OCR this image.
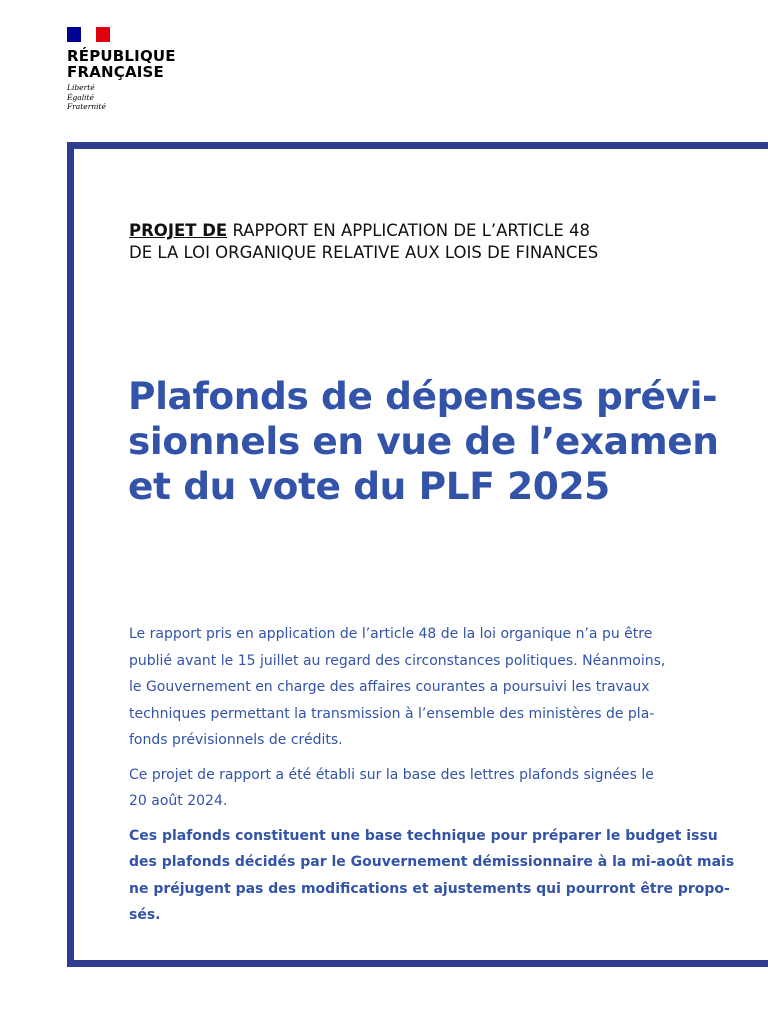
RÉPUBLIQUE
FRANÇAISE
Liberté
Égalité
Fraternité
PROJET DE RAPPORT EN APPLICATION DE L’ARTICLE 48
DE LA LOI ORGANIQUE RELATIVE AUX LOIS DE FINANCES
Plafonds de dépenses prévi-
sionnels en vue de l’examen
et du vote du PLF 2025

Le rapport pris en application de l’article 48 de la loi organique n’a pu être
publié avant le 15 juillet au regard des circonstances politiques. Néanmoins,
le Gouvernement en charge des affaires courantes a poursuivi les travaux
techniques permettant la transmission à l’ensemble des ministères de pla-
fonds prévisionnels de crédits.

Ce projet de rapport a été établi sur la base des lettres plafonds signées le
20 août 2024.

Ces plafonds constituent une base technique pour préparer le budget issu
des plafonds décidés par le Gouvernement démissionnaire à la mi-août mais
ne préjugent pas des modifications et ajustements qui pourront être propo-
sés.
